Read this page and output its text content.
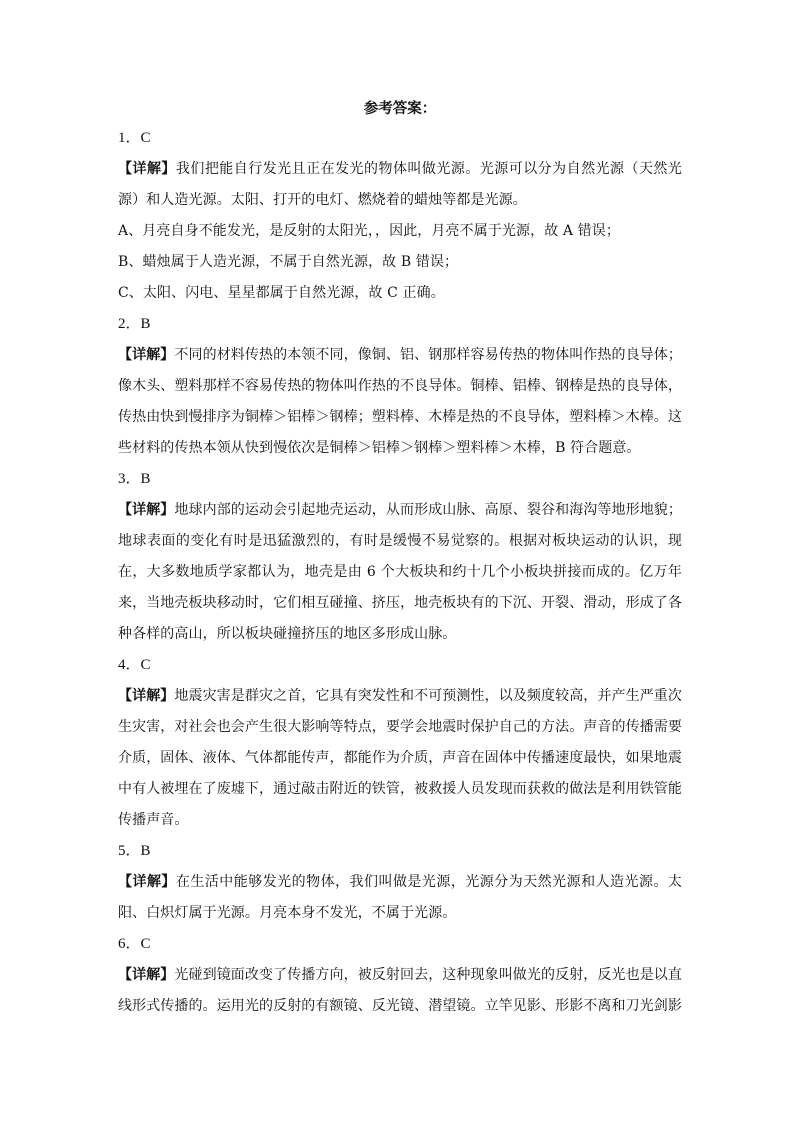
参考答案：

1．C

【详解】我们把能自行发光且正在发光的物体叫做光源。光源可以分为自然光源（天然光源）和人造光源。太阳、打开的电灯、燃烧着的蜡烛等都是光源。

A、月亮自身不能发光，是反射的太阳光，，因此，月亮不属于光源，故 A 错误；

B、蜡烛属于人造光源，不属于自然光源，故 B 错误；

C、太阳、闪电、星星都属于自然光源，故 C 正确。

2．B

【详解】不同的材料传热的本领不同，像铜、铝、钢那样容易传热的物体叫作热的良导体；像木头、塑料那样不容易传热的物体叫作热的不良导体。铜棒、铝棒、钢棒是热的良导体，传热由快到慢排序为铜棒＞铝棒＞钢棒；塑料棒、木棒是热的不良导体，塑料棒＞木棒。这些材料的传热本领从快到慢依次是铜棒＞铝棒＞钢棒＞塑料棒＞木棒，B 符合题意。

3．B

【详解】地球内部的运动会引起地壳运动，从而形成山脉、高原、裂谷和海沟等地形地貌；地球表面的变化有时是迅猛激烈的，有时是缓慢不易觉察的。根据对板块运动的认识，现在，大多数地质学家都认为，地壳是由 6 个大板块和约十几个小板块拼接而成的。亿万年来，当地壳板块移动时，它们相互碰撞、挤压，地壳板块有的下沉、开裂、滑动，形成了各种各样的高山，所以板块碰撞挤压的地区多形成山脉。

4．C

【详解】地震灾害是群灾之首，它具有突发性和不可预测性，以及频度较高，并产生严重次生灾害，对社会也会产生很大影响等特点，要学会地震时保护自己的方法。声音的传播需要介质，固体、液体、气体都能传声，都能作为介质，声音在固体中传播速度最快，如果地震中有人被埋在了废墟下，通过敲击附近的铁管，被救援人员发现而获救的做法是利用铁管能传播声音。

5．B

【详解】在生活中能够发光的物体，我们叫做是光源，光源分为天然光源和人造光源。太阳、白炽灯属于光源。月亮本身不发光，不属于光源。

6．C

【详解】光碰到镜面改变了传播方向，被反射回去，这种现象叫做光的反射，反光也是以直线形式传播的。运用光的反射的有额镜、反光镜、潜望镜。立竿见影、形影不离和刀光剑影
